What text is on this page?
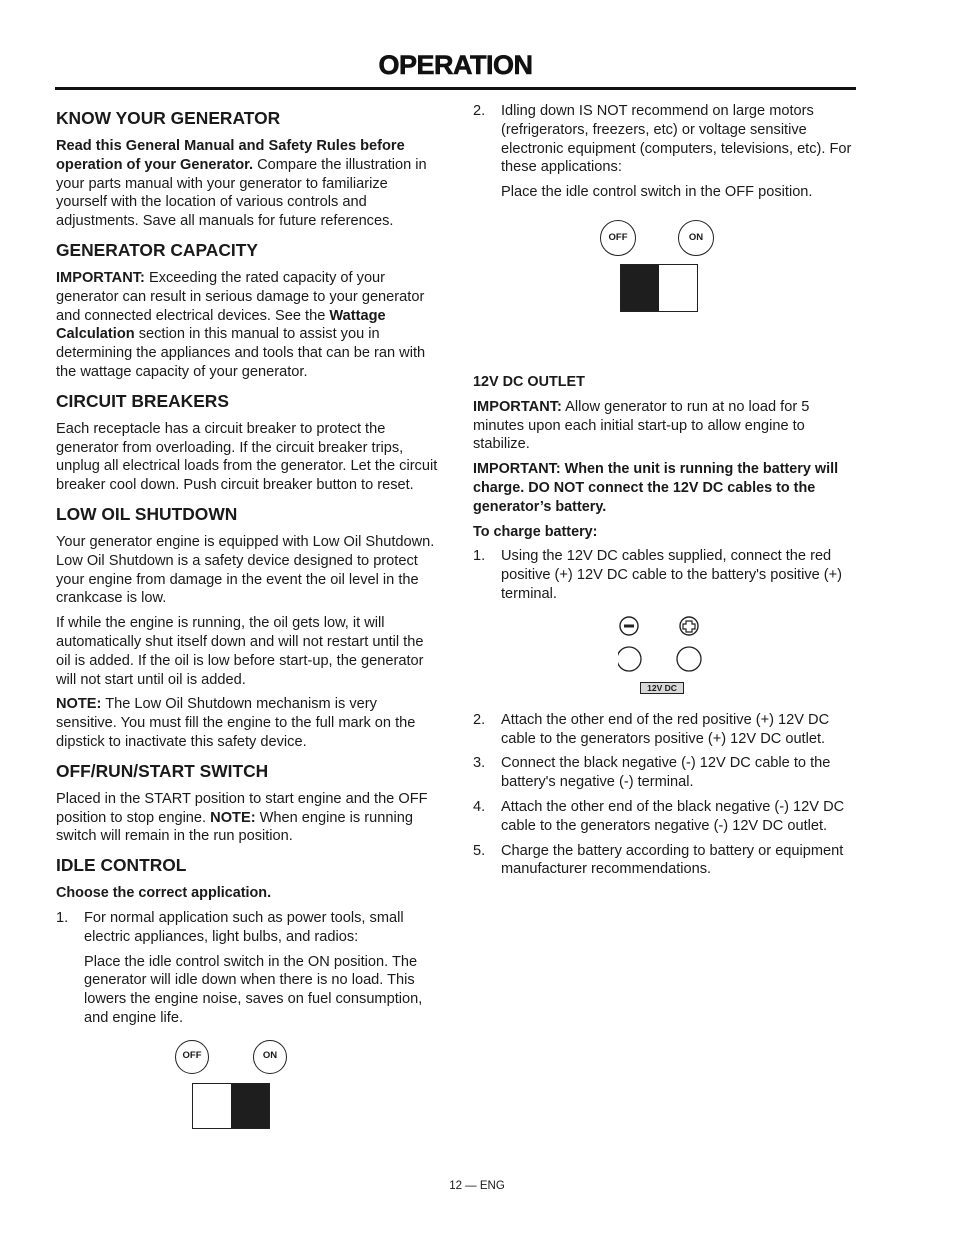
OPERATION
KNOW YOUR GENERATOR

Read this General Manual and Safety Rules before operation of your Generator. Compare the illustration in your parts manual with your generator to familiarize yourself with the location of various controls and adjustments. Save all manuals for future references.

GENERATOR CAPACITY

IMPORTANT: Exceeding the rated capacity of your generator can result in serious damage to your generator and connected electrical devices. See the Wattage Calculation section in this manual to assist you in determining the appliances and tools that can be ran with the wattage capacity of your generator.

CIRCUIT BREAKERS

Each receptacle has a circuit breaker to protect the generator from overloading. If the circuit breaker trips, unplug all electrical loads from the generator. Let the circuit breaker cool down. Push circuit breaker button to reset.

LOW OIL SHUTDOWN

Your generator engine is equipped with Low Oil Shutdown. Low Oil Shutdown is a safety device designed to protect your engine from damage in the event the oil level in the crankcase is low.

If while the engine is running, the oil gets low, it will automatically shut itself down and will not restart until the oil is added. If the oil is low before start-up, the generator will not start until oil is added.

NOTE: The Low Oil Shutdown mechanism is very sensitive. You must fill the engine to the full mark on the dipstick to inactivate this safety device.

OFF/RUN/START SWITCH

Placed in the START position to start engine and the OFF position to stop engine. NOTE: When engine is running switch will remain in the run position.

IDLE CONTROL

Choose the correct application.

1. For normal application such as power tools, small electric appliances, light bulbs, and radios:

Place the idle control switch in the ON position. The generator will idle down when there is no load. This lowers the engine noise, saves on fuel consumption, and engine life.

OFF	ON
2. Idling down IS NOT recommend on large motors (refrigerators, freezers, etc) or voltage sensitive electronic equipment (computers, televisions, etc). For these applications:

Place the idle control switch in the OFF position.

OFF	ON

12V DC OUTLET

IMPORTANT: Allow generator to run at no load for 5 minutes upon each initial start-up to allow engine to stabilize.

IMPORTANT: When the unit is running the battery will charge. DO NOT connect the 12V DC cables to the generator’s battery.

To charge battery:

1. Using the 12V DC cables supplied, connect the red positive (+) 12V DC cable to the battery's positive (+) terminal.
12V DC
2. Attach the other end of the red positive (+) 12V DC cable to the generators positive (+) 12V DC outlet.
3. Connect the black negative (-) 12V DC cable to the battery's negative (-) terminal.
4. Attach the other end of the black negative (-) 12V DC cable to the generators negative (-) 12V DC outlet.
5. Charge the battery according to battery or equipment manufacturer recommendations.
12 — ENG
